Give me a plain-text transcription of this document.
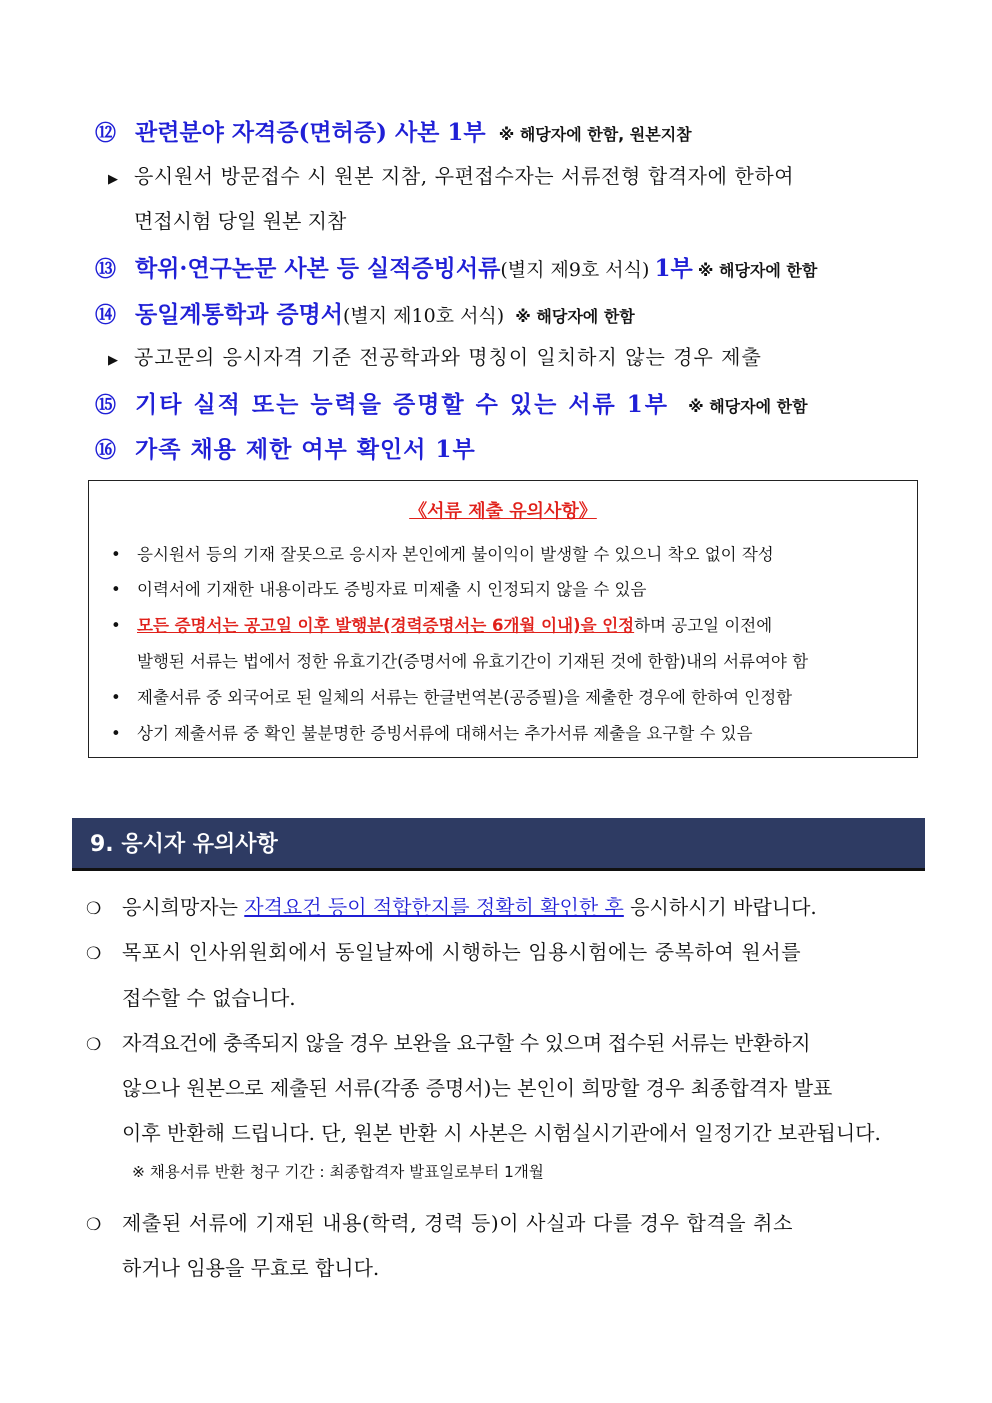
⑫ 관련분야 자격증(면허증) 사본 1부 ※ 해당자에 한함, 원본지참
▶ 응시원서 방문접수 시 원본 지참, 우편접수자는 서류전형 합격자에 한하여
면접시험 당일 원본 지참
⑬ 학위·연구논문 사본 등 실적증빙서류(별지 제9호 서식) 1부 ※ 해당자에 한함
⑭ 동일계통학과 증명서(별지 제10호 서식) ※ 해당자에 한함
▶ 공고문의 응시자격 기준 전공학과와 명칭이 일치하지 않는 경우 제출
⑮ 기타 실적 또는 능력을 증명할 수 있는 서류 1부 ※ 해당자에 한함
⑯ 가족 채용 제한 여부 확인서 1부
《서류 제출 유의사항》
• 응시원서 등의 기재 잘못으로 응시자 본인에게 불이익이 발생할 수 있으니 착오 없이 작성
• 이력서에 기재한 내용이라도 증빙자료 미제출 시 인정되지 않을 수 있음
• 모든 증명서는 공고일 이후 발행분(경력증명서는 6개월 이내)을 인정하며 공고일 이전에
발행된 서류는 법에서 정한 유효기간(증명서에 유효기간이 기재된 것에 한함)내의 서류여야 함
• 제출서류 중 외국어로 된 일체의 서류는 한글번역본(공증필)을 제출한 경우에 한하여 인정함
• 상기 제출서류 중 확인 불분명한 증빙서류에 대해서는 추가서류 제출을 요구할 수 있음
9. 응시자 유의사항
❍ 응시희망자는 자격요건 등이 적합한지를 정확히 확인한 후 응시하시기 바랍니다.
❍ 목포시 인사위원회에서 동일날짜에 시행하는 임용시험에는 중복하여 원서를
접수할 수 없습니다.
❍ 자격요건에 충족되지 않을 경우 보완을 요구할 수 있으며 접수된 서류는 반환하지
않으나 원본으로 제출된 서류(각종 증명서)는 본인이 희망할 경우 최종합격자 발표
이후 반환해 드립니다. 단, 원본 반환 시 사본은 시험실시기관에서 일정기간 보관됩니다.
※ 채용서류 반환 청구 기간 : 최종합격자 발표일로부터 1개월
❍ 제출된 서류에 기재된 내용(학력, 경력 등)이 사실과 다를 경우 합격을 취소
하거나 임용을 무효로 합니다.
